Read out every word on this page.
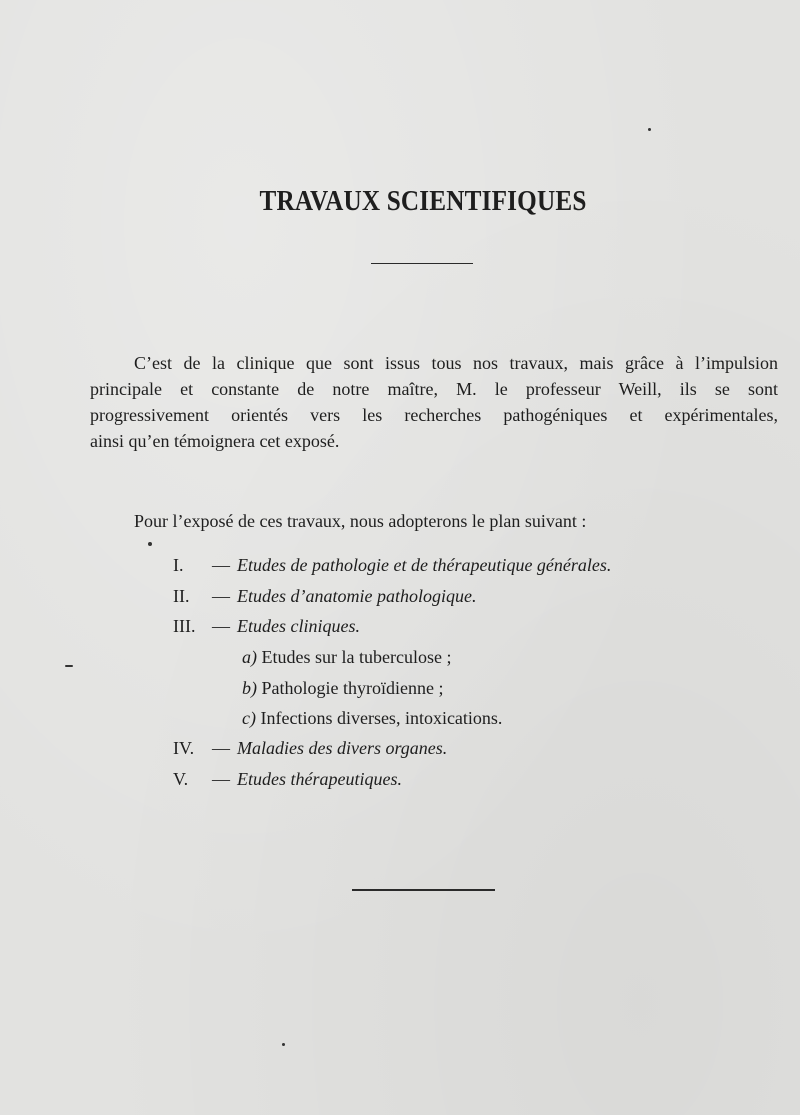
TRAVAUX SCIENTIFIQUES
C’est de la clinique que sont issus tous nos travaux, mais grâce à l’impulsion
principale et constante de notre maître, M. le professeur Weill, ils se sont
progressivement orientés vers les recherches pathogéniques et expérimentales,
ainsi qu’en témoignera cet exposé.
Pour l’exposé de ces travaux, nous adopterons le plan suivant :
I. — Etudes de pathologie et de thérapeutique générales.
II. — Etudes d’anatomie pathologique.
III. — Etudes cliniques.
a) Etudes sur la tuberculose ;
b) Pathologie thyroïdienne ;
c) Infections diverses, intoxications.
IV. — Maladies des divers organes.
V. — Etudes thérapeutiques.
